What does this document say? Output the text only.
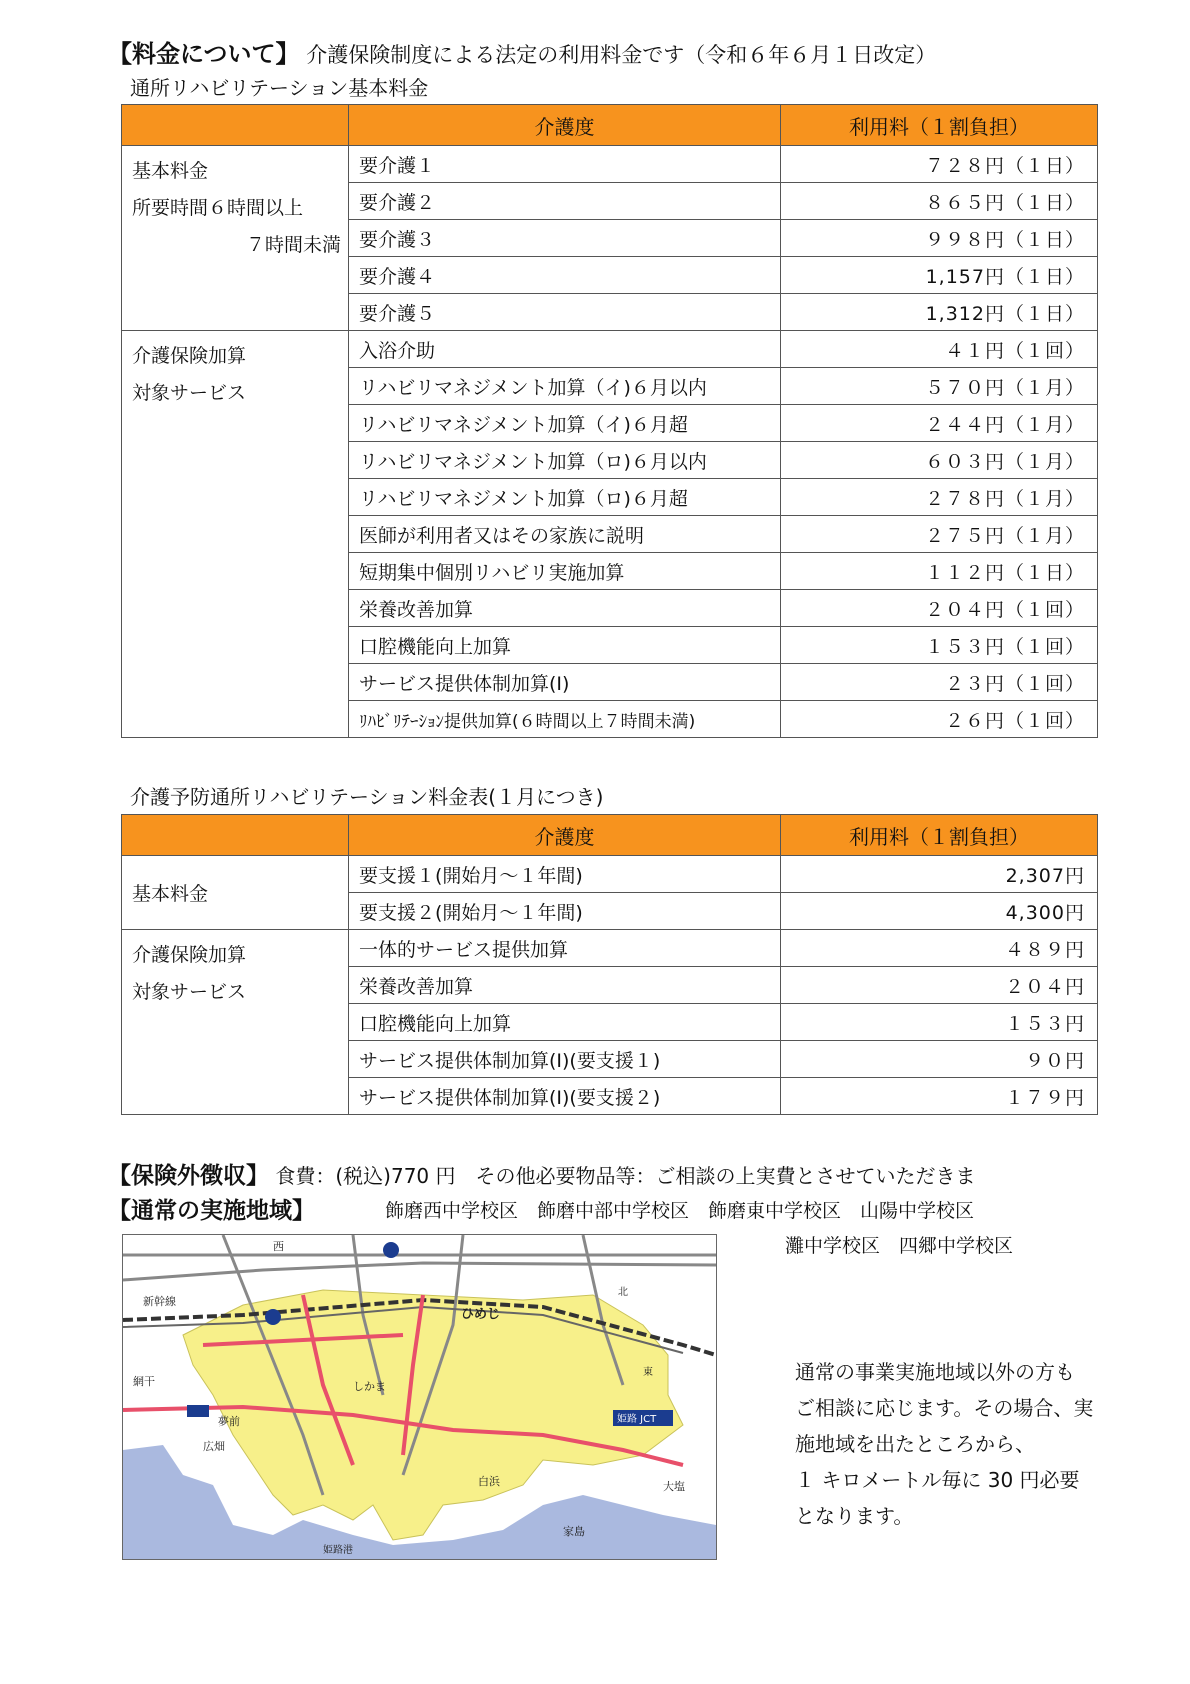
【料金について】 介護保険制度による法定の利用料金です（令和６年６月１日改定）
通所リハビリテーション基本料金
	介護度	利用料（１割負担）

基本料金
所要時間６時間以上
　　７時間未満	要介護１	７２８円（１日）
	要介護２	８６５円（１日）
	要介護３	９９８円（１日）
	要介護４	1,157円（１日）
	要介護５	1,312円（１日）

介護保険加算
対象サービス	入浴介助	４１円（１回）
	リハビリマネジメント加算（イ)６月以内	５７０円（１月）
	リハビリマネジメント加算（イ)６月超	２４４円（１月）
	リハビリマネジメント加算（ロ)６月以内	６０３円（１月）
	リハビリマネジメント加算（ロ)６月超	２７８円（１月）
	医師が利用者又はその家族に説明	２７５円（１月）
	短期集中個別リハビリ実施加算	１１２円（１日）
	栄養改善加算	２０４円（１回）
	口腔機能向上加算	１５３円（１回）
	サービス提供体制加算(Ⅰ)	２３円（１回）
	ﾘﾊﾋﾞﾘﾃｰｼｮﾝ提供加算(６時間以上７時間未満)	２６円（１回）
介護予防通所リハビリテーション料金表(１月につき)
	介護度	利用料（１割負担）
基本料金	要支援１(開始月～１年間)	2,307円
	要支援２(開始月～１年間)	4,300円

介護保険加算
対象サービス	一体的サービス提供加算	４８９円
	栄養改善加算	２０４円
	口腔機能向上加算	１５３円
	サービス提供体制加算(Ⅰ)(要支援１)	９０円
	サービス提供体制加算(Ⅰ)(要支援２)	１７９円
【保険外徴収】 食費：(税込)770 円　その他必要物品等：ご相談の上実費とさせていただきま
【通常の実施地域】	飾磨西中学校区　飾磨中部中学校区　飾磨東中学校区　山陽中学校区
灘中学校区　四郷中学校区
ひめじ
しかま
白浜
姫路 JCT
北
東
新幹線
網干
夢前
広畑
西
大塩
家島
姫路港
通常の事業実施地域以外の方も
ご相談に応じます。その場合、実
施地域を出たところから、
１ キロメートル毎に 30 円必要
となります。
